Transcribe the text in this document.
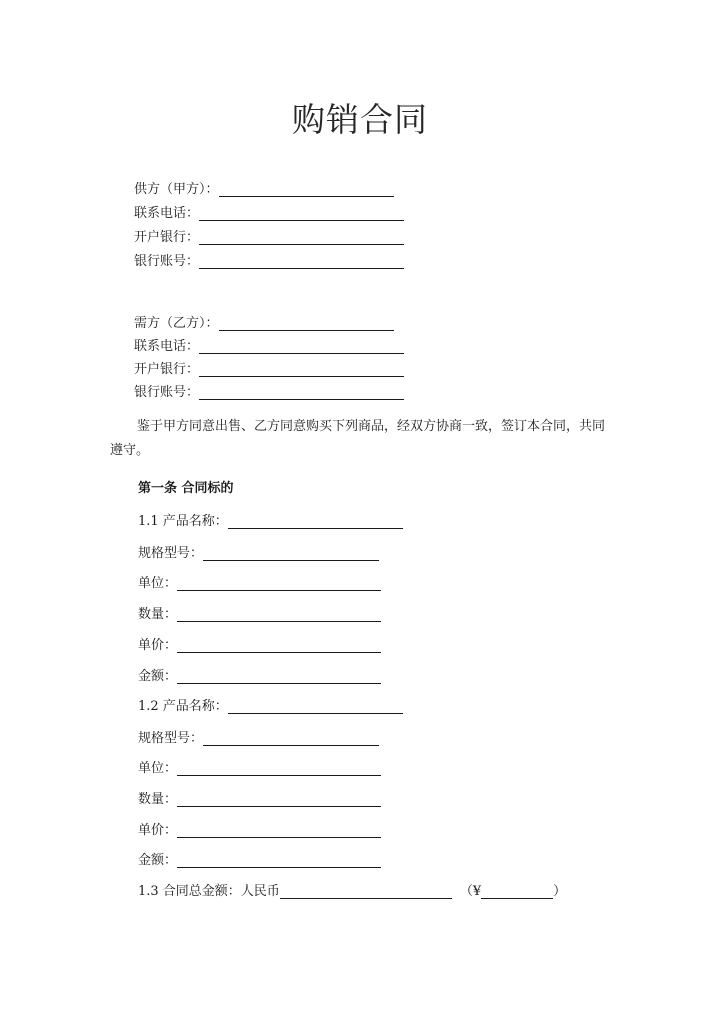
购销合同
供方（甲方）：
联系电话：
开户银行：
银行账号：
需方（乙方）：
联系电话：
开户银行：
银行账号：
鉴于甲方同意出售、乙方同意购买下列商品，经双方协商一致，签订本合同，共同遵守。
第一条 合同标的
1.1 产品名称：
规格型号：
单位：
数量：
单价：
金额：
1.2 产品名称：
规格型号：
单位：
数量：
单价：
金额：
1.3 合同总金额：人民币	（¥	）
